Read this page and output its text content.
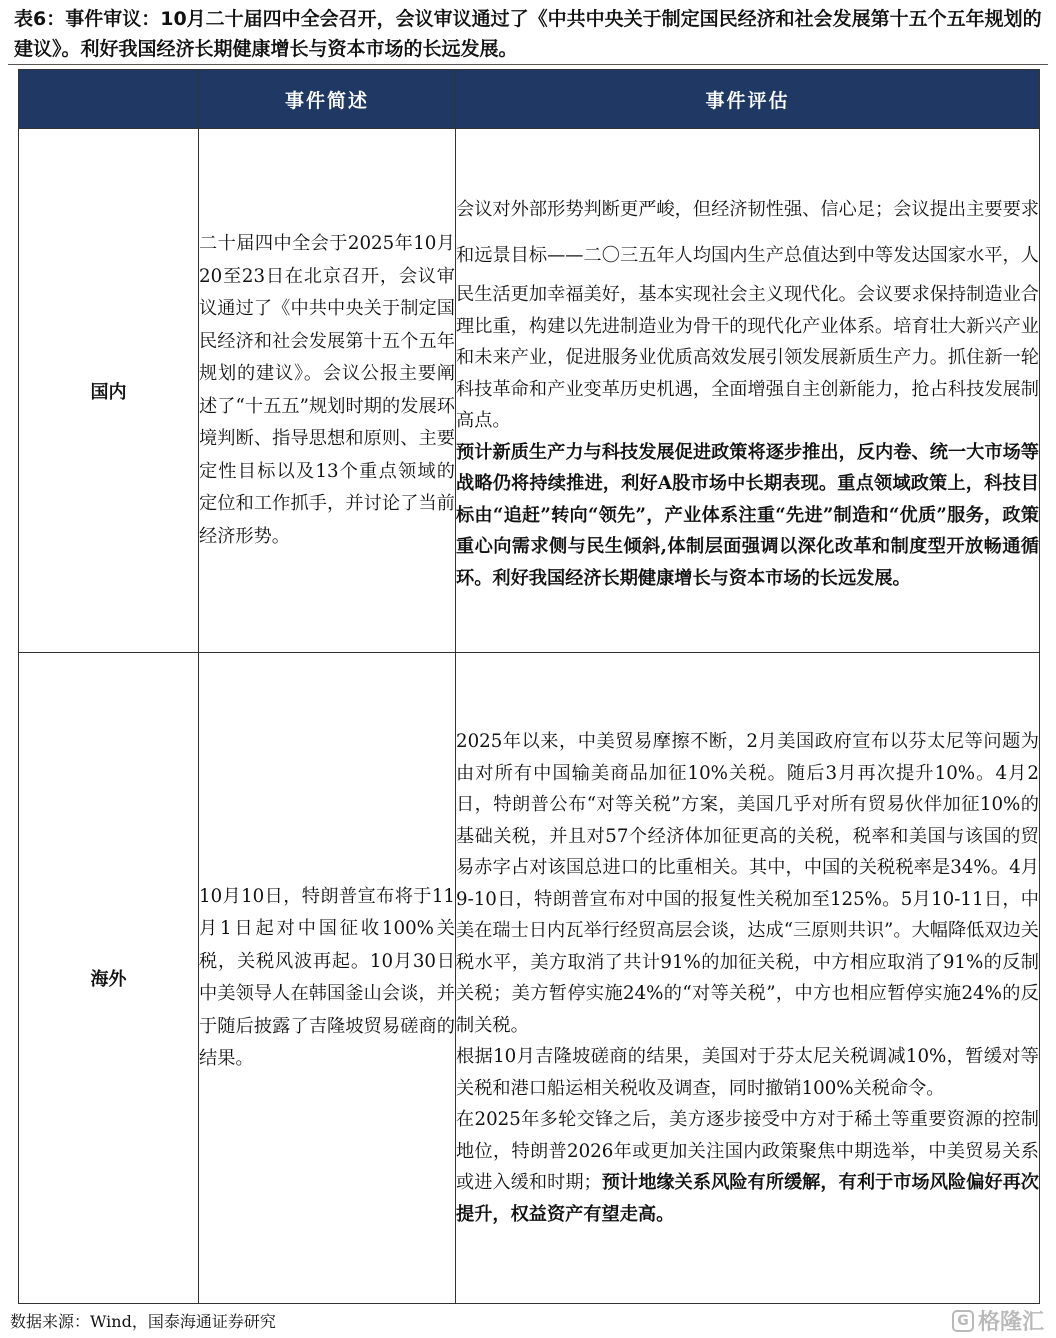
表6：事件审议：10月二十届四中全会召开，会议审议通过了《中共中央关于制定国民经济和社会发展第十五个五年规划的建议》。利好我国经济长期健康增长与资本市场的长远发展。
	事件简述	事件评估
国内	二十届四中全会于2025年10月20至23日在北京召开，会议审议通过了《中共中央关于制定国民经济和社会发展第十五个五年规划的建议》。会议公报主要阐述了“十五五”规划时期的发展环境判断、指导思想和原则、主要定性目标以及13个重点领域的定位和工作抓手，并讨论了当前经济形势。	会议对外部形势判断更严峻，但经济韧性强、信心足；会议提出主要要求和远景目标——二〇三五年人均国内生产总值达到中等发达国家水平，人民生活更加幸福美好，基本实现社会主义现代化。会议要求保持制造业合理比重，构建以先进制造业为骨干的现代化产业体系。培育壮大新兴产业和未来产业，促进服务业优质高效发展引领发展新质生产力。抓住新一轮科技革命和产业变革历史机遇，全面增强自主创新能力，抢占科技发展制高点。

预计新质生产力与科技发展促进政策将逐步推出，反内卷、统一大市场等战略仍将持续推进，利好A股市场中长期表现。重点领域政策上，科技目标由“追赶”转向“领先”，产业体系注重“先进”制造和“优质”服务，政策重心向需求侧与民生倾斜,体制层面强调以深化改革和制度型开放畅通循环。利好我国经济长期健康增长与资本市场的长远发展。

海外	10月10日，特朗普宣布将于11月1日起对中国征收100%关税，关税风波再起。10月30日中美领导人在韩国釜山会谈，并于随后披露了吉隆坡贸易磋商的结果。	2025年以来，中美贸易摩擦不断，2月美国政府宣布以芬太尼等问题为由对所有中国输美商品加征10%关税。随后3月再次提升10%。4月2日，特朗普公布“对等关税”方案，美国几乎对所有贸易伙伴加征10%的基础关税，并且对57个经济体加征更高的关税，税率和美国与该国的贸易赤字占对该国总进口的比重相关。其中，中国的关税税率是34%。4月9-10日，特朗普宣布对中国的报复性关税加至125%。5月10-11日，中美在瑞士日内瓦举行经贸高层会谈，达成“三原则共识”。大幅降低双边关税水平，美方取消了共计91%的加征关税，中方相应取消了91%的反制关税；美方暂停实施24%的“对等关税”，中方也相应暂停实施24%的反制关税。

根据10月吉隆坡磋商的结果，美国对于芬太尼关税调减10%，暂缓对等关税和港口船运相关税收及调查，同时撤销100%关税命令。

在2025年多轮交锋之后，美方逐步接受中方对于稀土等重要资源的控制地位，特朗普2026年或更加关注国内政策聚焦中期选举，中美贸易关系或进入缓和时期；预计地缘关系风险有所缓解，有利于市场风险偏好再次提升，权益资产有望走高。

数据来源：Wind，国泰海通证券研究	G 格隆汇
